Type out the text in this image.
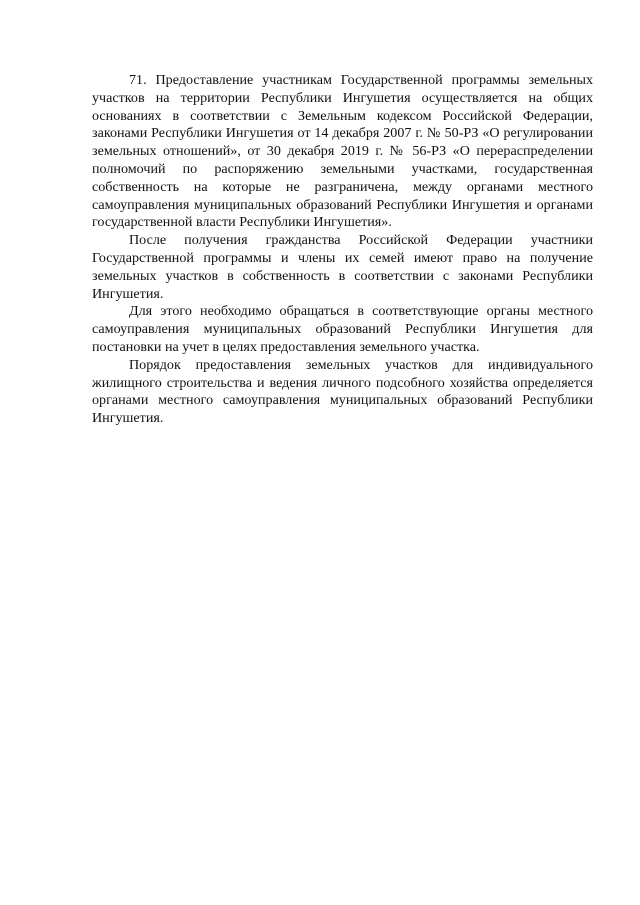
71. Предоставление участникам Государственной программы земельных участков на территории Республики Ингушетия осуществляется на общих основаниях в соответствии с Земельным кодексом Российской Федерации, законами Республики Ингушетия от 14 декабря 2007 г. № 50-РЗ «О регулировании земельных отношений», от 30 декабря 2019 г. № 56-РЗ «О перераспределении полномочий по распоряжению земельными участками, государственная собственность на которые не разграничена, между органами местного самоуправления муниципальных образований Республики Ингушетия и органами государственной власти Республики Ингушетия».

После получения гражданства Российской Федерации участники Государственной программы и члены их семей имеют право на получение земельных участков в собственность в соответствии с законами Республики Ингушетия.

Для этого необходимо обращаться в соответствующие органы местного самоуправления муниципальных образований Республики Ингушетия для постановки на учет в целях предоставления земельного участка.

Порядок предоставления земельных участков для индивидуального жилищного строительства и ведения личного подсобного хозяйства определяется органами местного самоуправления муниципальных образований Республики Ингушетия.
